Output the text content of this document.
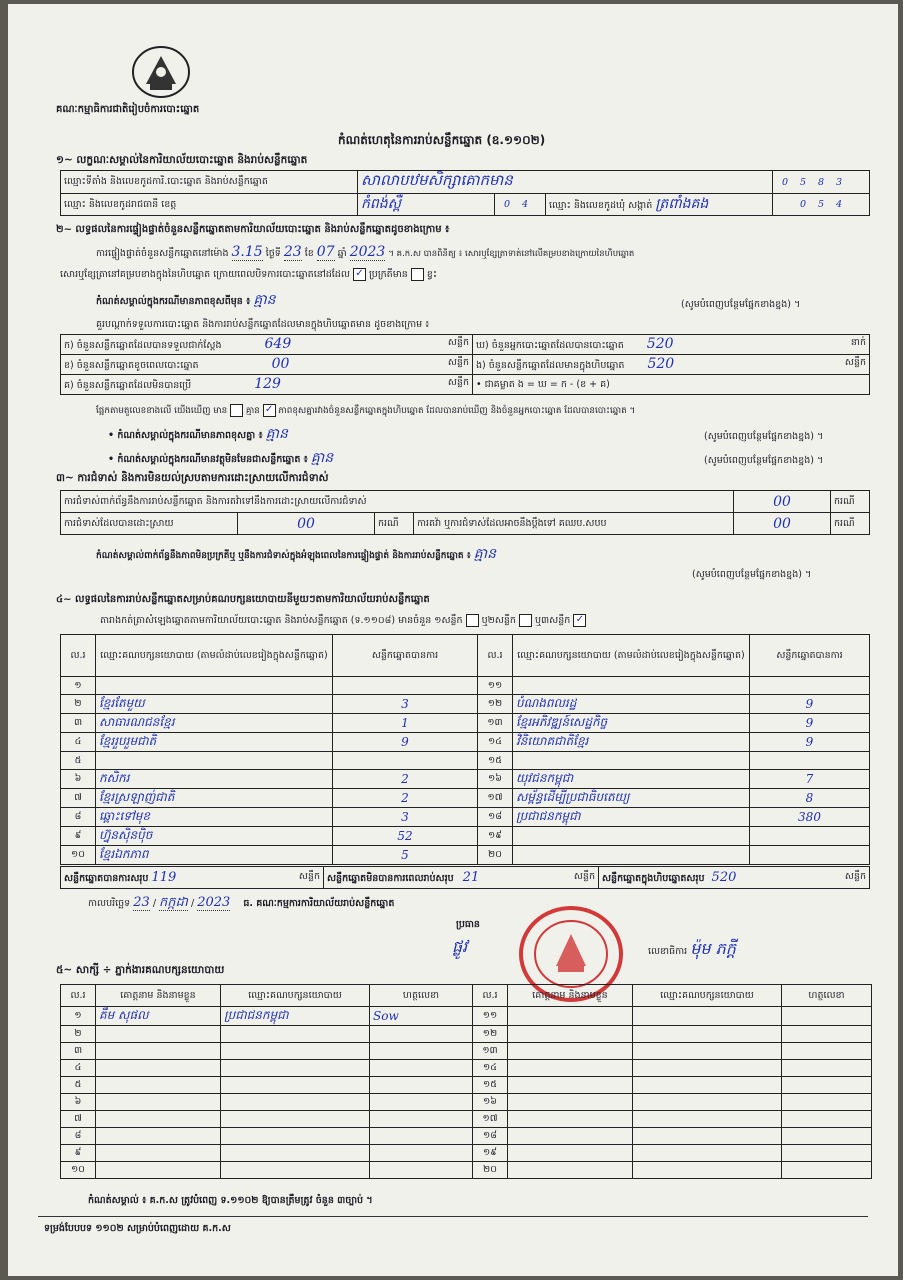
គណៈកម្មាធិការជាតិរៀបចំការបោះឆ្នោត
កំណត់ហេតុនៃការរាប់សន្លឹកឆ្នោត (ឧ.១១០២)
១~ លក្ខណៈសម្គាល់នៃការិយាល័យបោះឆ្នោត និងរាប់សន្លឹកឆ្នោត
ឈ្មោះទីតាំង និងលេខកូដការិ.បោះឆ្នោត និងរាប់សន្លឹកឆ្នោត	សាលាបឋមសិក្សាគោកមាន			0 5 8 3
ឈ្មោះ និងលេខកូដរាជធានី ខេត្ត	កំពង់ស្ពឺ	0 4	ឈ្មោះ និងលេខកូដឃុំ សង្កាត់ ត្រពាំងគង	0 5 4
២~ លទ្ធផលនៃការផ្ទៀងផ្ទាត់ចំនួនសន្លឹកឆ្នោតតាមការិយាល័យបោះឆ្នោត និងរាប់សន្លឹកឆ្នោតដូចខាងក្រោម ៖
ការផ្ទៀងផ្ទាត់ចំនួនសន្លឹកឆ្នោតនៅម៉ោង 3.15 ថ្ងៃទី 23 ខែ 07 ឆ្នាំ 2023 ។ គ.ក.ស បានពិនិត្យ ៖ សោរឬខ្សែត្រាទាត់នៅលើគម្របខាងក្រោយនៃហិបឆ្នោត
សោរឬខ្សែត្រានៅគម្របខាងក្នុងនៃហិបឆ្នោត ក្រោយពេលបិទការបោះឆ្នោតនៅដដែល ✓ ប្រក្រតីមាន ខ្វះ
កំណត់សម្គាល់ក្នុងករណីមានភាពខុសពីមុន ៖ គ្មាន	(សូមបំពេញបន្ថែមផ្នែកខាងខ្នង) ។
គួរបណ្តាក់ទទួលការបោះឆ្នោត និងការរាប់សន្លឹកឆ្នោតដែលមានក្នុងហិបឆ្នោតមាន ដូចខាងក្រោម ៖
ក) ចំនួនសន្លឹកឆ្នោតដែលបានទទួលជាក់ស្តែង 649 សន្លឹក	ឃ) ចំនួនអ្នកបោះឆ្នោតដែលបានបោះឆ្នោត 520 នាក់

ខ) ចំនួនសន្លឹកឆ្នោតខូចពេលបោះឆ្នោត 00 សន្លឹក	ង) ចំនួនសន្លឹកឆ្នោតដែលមានក្នុងហិបឆ្នោត 520 សន្លឹក

គ) ចំនួនសន្លឹកឆ្នោតដែលមិនបានប្រើ 129 សន្លឹក	• ជាគម្លាត ង = ឃ = ក - (ខ + គ)
ផ្អែកតាមតួលេខខាងលើ យើងឃើញ មាន គ្មាន ✓ ភាពខុសគ្នារវាងចំនួនសន្លឹកឆ្នោតក្នុងហិបឆ្នោត ដែលបានរាប់ឃើញ និងចំនួនអ្នកបោះឆ្នោត ដែលបានបោះឆ្នោត ។
• កំណត់សម្គាល់ក្នុងករណីមានភាពខុសគ្នា ៖ គ្មាន	(សូមបំពេញបន្ថែមផ្នែកខាងខ្នង) ។
• កំណត់សម្គាល់ក្នុងករណីមានវត្ថុមិនមែនជាសន្លឹកឆ្នោត ៖ គ្មាន	(សូមបំពេញបន្ថែមផ្នែកខាងខ្នង) ។
៣~ ការជំទាស់ និងការមិនយល់ស្របតាមការដោះស្រាយលើការជំទាស់
ការជំទាស់ពាក់ព័ន្ធនឹងការរាប់សន្លឹកឆ្នោត និងការតវ៉ាទៅនឹងការដោះស្រាយលើការជំទាស់				00	ករណី
ការជំទាស់ដែលបានដោះស្រាយ	00	ករណី	ការតវ៉ា ឬការជំទាស់ដែលអាចនឹងប្តឹងទៅ គឈប.សបប	00	ករណី
កំណត់សម្គាល់ពាក់ព័ន្ធនឹងភាពមិនប្រក្រតីឬ ឬនឹងការជំទាស់ក្នុងអំឡុងពេលនៃការផ្ទៀងផ្ទាត់ និងការរាប់សន្លឹកឆ្នោត ៖ គ្មាន
(សូមបំពេញបន្ថែមផ្នែកខាងខ្នង) ។
៤~ លទ្ធផលនៃការរាប់សន្លឹកឆ្នោតសម្រាប់គណបក្សនយោបាយនីមួយៗតាមការិយាល័យរាប់សន្លឹកឆ្នោត
តារាងកត់ត្រាសំឡេងឆ្នោតតាមការិយាល័យបោះឆ្នោត និងរាប់សន្លឹកឆ្នោត (ទ.១១០៨) មានចំនួន ១សន្លឹក ឬ២សន្លឹក ឬ៣សន្លឹក ✓
ល.រ	ឈ្មោះគណបក្សនយោបាយ (តាមលំដាប់លេខរៀងក្នុងសន្លឹកឆ្នោត)	សន្លឹកឆ្នោតបានការ	ល.រ	ឈ្មោះគណបក្សនយោបាយ (តាមលំដាប់លេខរៀងក្នុងសន្លឹកឆ្នោត)	សន្លឹកឆ្នោតបានការ
១			១១		
២	ខ្មែរតែមួយ	3	១២	បំណងពលរដ្ឋ	9
៣	សាធារណជនខ្មែរ	1	១៣	ខ្មែរអភិវឌ្ឍន៍សេដ្ឋកិច្ច	9
៤	ខ្មែររួបរួមជាតិ	9	១៤	វិនិយោគជាតិខ្មែរ	9
៥			១៥		
៦	កសិករ	2	១៦	យុវជនកម្ពុជា	7
៧	ខ្មែរស្រឡាញ់ជាតិ	2	១៧	សម្ព័ន្ធដើម្បីប្រជាធិបតេយ្យ	8
៨	ឆ្ពោះទៅមុខ	3	១៨	ប្រជាជនកម្ពុជា	380
៩	ហ្វ៊ុនស៊ិនប៉ិច	52	១៩		
១០	ខ្មែរឯកភាព	5	២០		
សន្លឹកឆ្នោតបានការសរុប 119	សន្លឹក	សន្លឹកឆ្នោតមិនបានការពេលរាប់សរុប 21	សន្លឹក	សន្លឹកឆ្នោតក្នុងហិបឆ្នោតសរុប 520	សន្លឹក
កាលបរិច្ឆេទ 23 / កក្កដា / 2023 ធ. គណៈកម្មការការិយាល័យរាប់សន្លឹកឆ្នោត
ប្រធាន
ផ្លូវ	លេខាធិការ ម៉ុម ភក្តី
៥~ សាក្សី ÷ ភ្នាក់ងារគណបក្សនយោបាយ
ល.រ	គោត្តនាម និងនាមខ្លួន	ឈ្មោះគណបក្សនយោបាយ	ហត្ថលេខា	ល.រ	គោត្តនាម និងនាមខ្លួន	ឈ្មោះគណបក្សនយោបាយ	ហត្ថលេខា
១	គឹម សុផល	ប្រជាជនកម្ពុជា	Sow	១១			
២				១២			
៣				១៣			
៤				១៤			
៥				១៥			
៦				១៦			
៧				១៧			
៨				១៨			
៩				១៩			
១០				២០			
កំណត់សម្គាល់ ៖ គ.ក.ស ត្រូវបំពេញ ទ.១១០២ ឱ្យបានត្រឹមត្រូវ ចំនួន ៣ច្បាប់ ។
ទម្រង់បែបបទ ១១០២ សម្រាប់បំពេញដោយ គ.ក.ស
